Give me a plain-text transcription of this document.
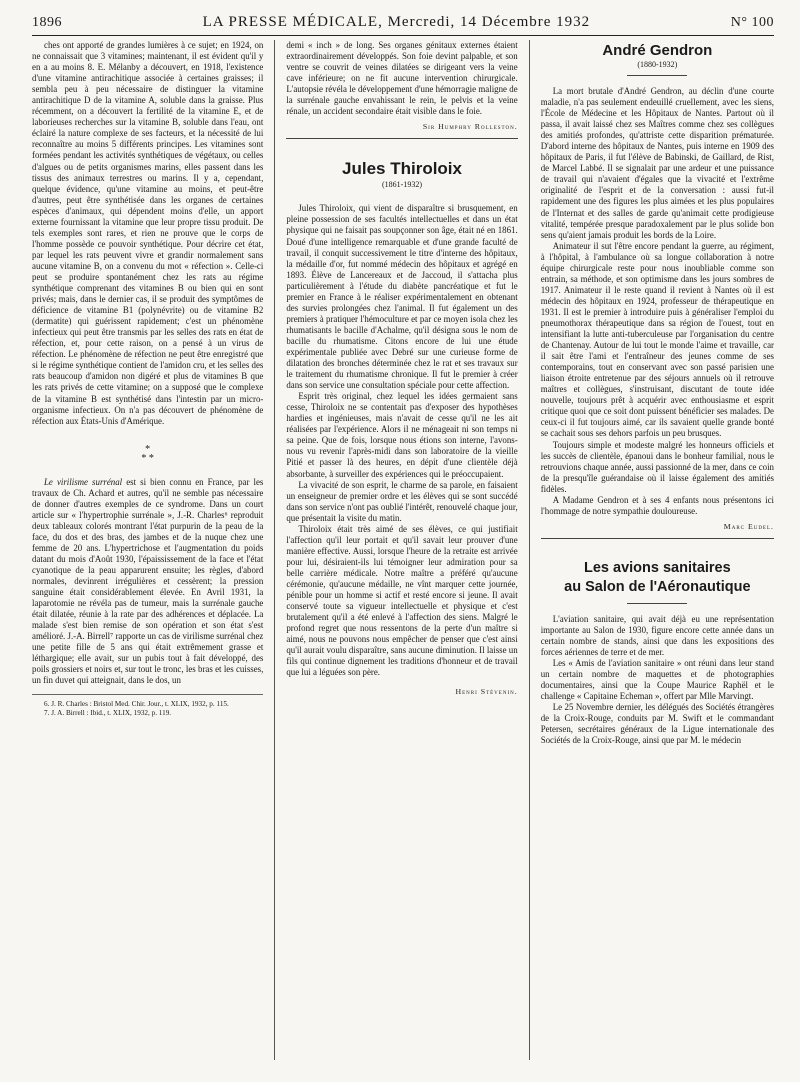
1896	LA PRESSE MÉDICALE, Mercredi, 14 Décembre 1932	N° 100

ches ont apporté de grandes lumières à ce sujet; en 1924, on ne connaissait que 3 vitamines; maintenant, il est évident qu'il y en a au moins 8. E. Mélanby a découvert, en 1918, l'existence d'une vitamine antirachitique associée à certaines graisses; il sembla peu à peu nécessaire de distinguer la vitamine antirachitique D de la vitamine A, soluble dans la graisse. Plus récemment, on a découvert la fertilité de la vitamine E, et de laborieuses recherches sur la vitamine B, soluble dans l'eau, ont éclairé la nature complexe de ses facteurs, et la nécessité de lui reconnaître au moins 5 différents principes. Les vitamines sont formées pendant les activités synthétiques de végétaux, ou celles d'algues ou de petits organismes marins, elles passent dans les tissus des animaux terrestres ou marins. Il y a, cependant, quelque évidence, qu'une vitamine au moins, et peut-être d'autres, peut être synthétisée dans les organes de certaines espèces d'animaux, qui dépendent moins d'elle, un apport externe fournissant la vitamine que leur propre tissu produit. De tels exemples sont rares, et rien ne prouve que le corps de l'homme possède ce pouvoir synthétique. Pour décrire cet état, par lequel les rats peuvent vivre et grandir normalement sans aucune vitamine B, on a convenu du mot « réfection ». Celle-ci peut se produire spontanément chez les rats au régime synthétique comprenant des vitamines B ou bien qui en sont privés; mais, dans le dernier cas, il se produit des symptômes de déficience de vitamine B1 (polynévrite) ou de vitamine B2 (dermatite) qui guérissent rapidement; c'est un phénomène infectieux qui peut être transmis par les selles des rats en état de réfection, et, pour cette raison, on a pensé à un virus de réfection. Le phénomène de réfection ne peut être enregistré que si le régime synthétique contient de l'amidon cru, et les selles des rats beaucoup d'amidon non digéré et plus de vitamines B que les rats privés de cette vitamine; on a supposé que le complexe de la vitamine B est synthétisé dans l'intestin par un micro-organisme infectieux. On n'a pas découvert de phénomène de réfection aux États-Unis d'Amérique.

*
* *

Le virilisme surrénal est si bien connu en France, par les travaux de Ch. Achard et autres, qu'il ne semble pas nécessaire de donner d'autres exemples de ce syndrome. Dans un court article sur « l'hypertrophie surrénale », J.-R. Charles⁶ reproduit deux tableaux colorés montrant l'état purpurin de la peau de la face, du dos et des bras, des jambes et de la nuque chez une femme de 20 ans. L'hypertrichose et l'augmentation du poids datant du mois d'Août 1930, l'épaississement de la face et l'état cyanotique de la peau apparurent ensuite; les règles, d'abord normales, devinrent irrégulières et cessèrent; la pression sanguine était considérablement élevée. En Avril 1931, la laparotomie ne révéla pas de tumeur, mais la surrénale gauche était dilatée, réunie à la rate par des adhérences et déplacée. La malade s'est bien remise de son opération et son état s'est amélioré. J.-A. Birrell⁷ rapporte un cas de virilisme surrénal chez une petite fille de 5 ans qui était extrêmement grasse et léthargique; elle avait, sur un pubis tout à fait développé, des poils grossiers et noirs et, sur tout le tronc, les bras et les cuisses, un fin duvet qui atteignait, dans le dos, un

6. J. R. Charles : Bristol Med. Chir. Jour., t. XLIX, 1932, p. 115.

7. J. A. Birrell : Ibid., t. XLIX, 1932, p. 119.

demi « inch » de long. Ses organes génitaux externes étaient extraordinairement développés. Son foie devint palpable, et son ventre se couvrit de veines dilatées se dirigeant vers la veine cave inférieure; on ne fit aucune intervention chirurgicale. L'autopsie révéla le développement d'une hémorragie maligne de la surrénale gauche envahissant le rein, le pelvis et la veine rénale, un accident secondaire était visible dans le foie.

Sir Humphry Rolleston.

Jules Thiroloix
(1861-1932)

Jules Thiroloix, qui vient de disparaître si brusquement, en pleine possession de ses facultés intellectuelles et dans un état physique qui ne faisait pas soupçonner son âge, était né en 1861. Doué d'une intelligence remarquable et d'une grande faculté de travail, il conquit successivement le titre d'interne des hôpitaux, la médaille d'or, fut nommé médecin des hôpitaux et agrégé en 1893. Élève de Lancereaux et de Jaccoud, il s'attacha plus particulièrement à l'étude du diabète pancréatique et fut le premier en France à le réaliser expérimentalement en obtenant des survies prolongées chez l'animal. Il fut également un des premiers à pratiquer l'hémoculture et par ce moyen isola chez les rhumatisants le bacille d'Achalme, qu'il désigna sous le nom de bacille du rhumatisme. Citons encore de lui une étude expérimentale publiée avec Debré sur une curieuse forme de dilatation des bronches déterminée chez le rat et ses travaux sur le traitement du rhumatisme chronique. Il fut le premier à créer dans son service une consultation spéciale pour cette affection.

Esprit très original, chez lequel les idées germaient sans cesse, Thiroloix ne se contentait pas d'exposer des hypothèses hardies et ingénieuses, mais n'avait de cesse qu'il ne les ait réalisées par l'expérience. Alors il ne ménageait ni son temps ni sa peine. Que de fois, lorsque nous étions son interne, l'avons-nous vu revenir l'après-midi dans son laboratoire de la vieille Pitié et passer là des heures, en dépit d'une clientèle déjà absorbante, à surveiller des expériences qui le préoccupaient.

La vivacité de son esprit, le charme de sa parole, en faisaient un enseigneur de premier ordre et les élèves qui se sont succédé dans son service n'ont pas oublié l'intérêt, renouvelé chaque jour, que présentait la visite du matin.

Thiroloix était très aimé de ses élèves, ce qui justifiait l'affection qu'il leur portait et qu'il savait leur prouver d'une manière effective. Aussi, lorsque l'heure de la retraite est arrivée pour lui, désiraient-ils lui témoigner leur admiration pour sa belle carrière médicale. Notre maître a préféré qu'aucune cérémonie, qu'aucune médaille, ne vînt marquer cette journée, pénible pour un homme si actif et resté encore si jeune. Il avait conservé toute sa vigueur intellectuelle et physique et c'est brutalement qu'il a été enlevé à l'affection des siens. Malgré le profond regret que nous ressentons de la perte d'un maître si aimé, nous ne pouvons nous empêcher de penser que c'est ainsi qu'il aurait voulu disparaître, sans aucune diminution. Il laisse un fils qui continue dignement les traditions d'honneur et de travail que lui a léguées son père.

Henri Stévenin.

André Gendron
(1880-1932)

La mort brutale d'André Gendron, au déclin d'une courte maladie, n'a pas seulement endeuillé cruellement, avec les siens, l'École de Médecine et les Hôpitaux de Nantes. Partout où il passa, il avait laissé chez ses Maîtres comme chez ses collègues des amitiés profondes, qu'attriste cette disparition prématurée. D'abord interne des hôpitaux de Nantes, puis interne en 1909 des hôpitaux de Paris, il fut l'élève de Babinski, de Gaillard, de Rist, de Marcel Labbé. Il se signalait par une ardeur et une puissance de travail qui n'avaient d'égales que la vivacité et l'extrême originalité de l'esprit et de la conversation : aussi fut-il rapidement une des figures les plus aimées et les plus populaires de l'Internat et des salles de garde qu'animait cette prodigieuse vitalité, tempérée presque paradoxalement par le plus solide bon sens qu'aient jamais produit les bords de la Loire.

Animateur il sut l'être encore pendant la guerre, au régiment, à l'hôpital, à l'ambulance où sa longue collaboration à notre équipe chirurgicale reste pour nous inoubliable comme son entrain, sa méthode, et son optimisme dans les jours sombres de 1917. Animateur il le reste quand il revient à Nantes où il est médecin des hôpitaux en 1924, professeur de thérapeutique en 1931. Il est le premier à introduire puis à généraliser l'emploi du pneumothorax thérapeutique dans sa région de l'ouest, tout en intensifiant la lutte anti-tuberculeuse par l'organisation du centre de Chantenay. Autour de lui tout le monde l'aime et travaille, car il sait être l'ami et l'entraîneur des jeunes comme de ses contemporains, tout en conservant avec son passé parisien une liaison étroite entretenue par des séjours annuels où il retrouve maîtres et collègues, s'instruisant, discutant de toute idée nouvelle, toujours prêt à acquérir avec enthousiasme et esprit critique quoi que ce soit dont puissent bénéficier ses malades. De ceux-ci il fut toujours aimé, car ils savaient quelle grande bonté se cachait sous ses dehors parfois un peu brusques.

Toujours simple et modeste malgré les honneurs officiels et les succès de clientèle, épanoui dans le bonheur familial, nous le retrouvions chaque année, aussi passionné de la mer, dans ce coin de la presqu'île guérandaise où il laisse également des amitiés fidèles.

A Madame Gendron et à ses 4 enfants nous présentons ici l'hommage de notre sympathie douloureuse.

Marc Eudel.

Les avions sanitaires
au Salon de l'Aéronautique

L'aviation sanitaire, qui avait déjà eu une représentation importante au Salon de 1930, figure encore cette année dans un certain nombre de stands, ainsi que dans les expositions des forces aériennes de terre et de mer.

Les « Amis de l'aviation sanitaire » ont réuni dans leur stand un certain nombre de maquettes et de photographies documentaires, ainsi que la Coupe Maurice Raphël et le challenge « Capitaine Echeman », offert par Mlle Marvingt.

Le 25 Novembre dernier, les délégués des Sociétés étrangères de la Croix-Rouge, conduits par M. Swift et le commandant Petersen, secrétaires généraux de la Ligue internationale des Sociétés de la Croix-Rouge, ainsi que par M. le médecin
